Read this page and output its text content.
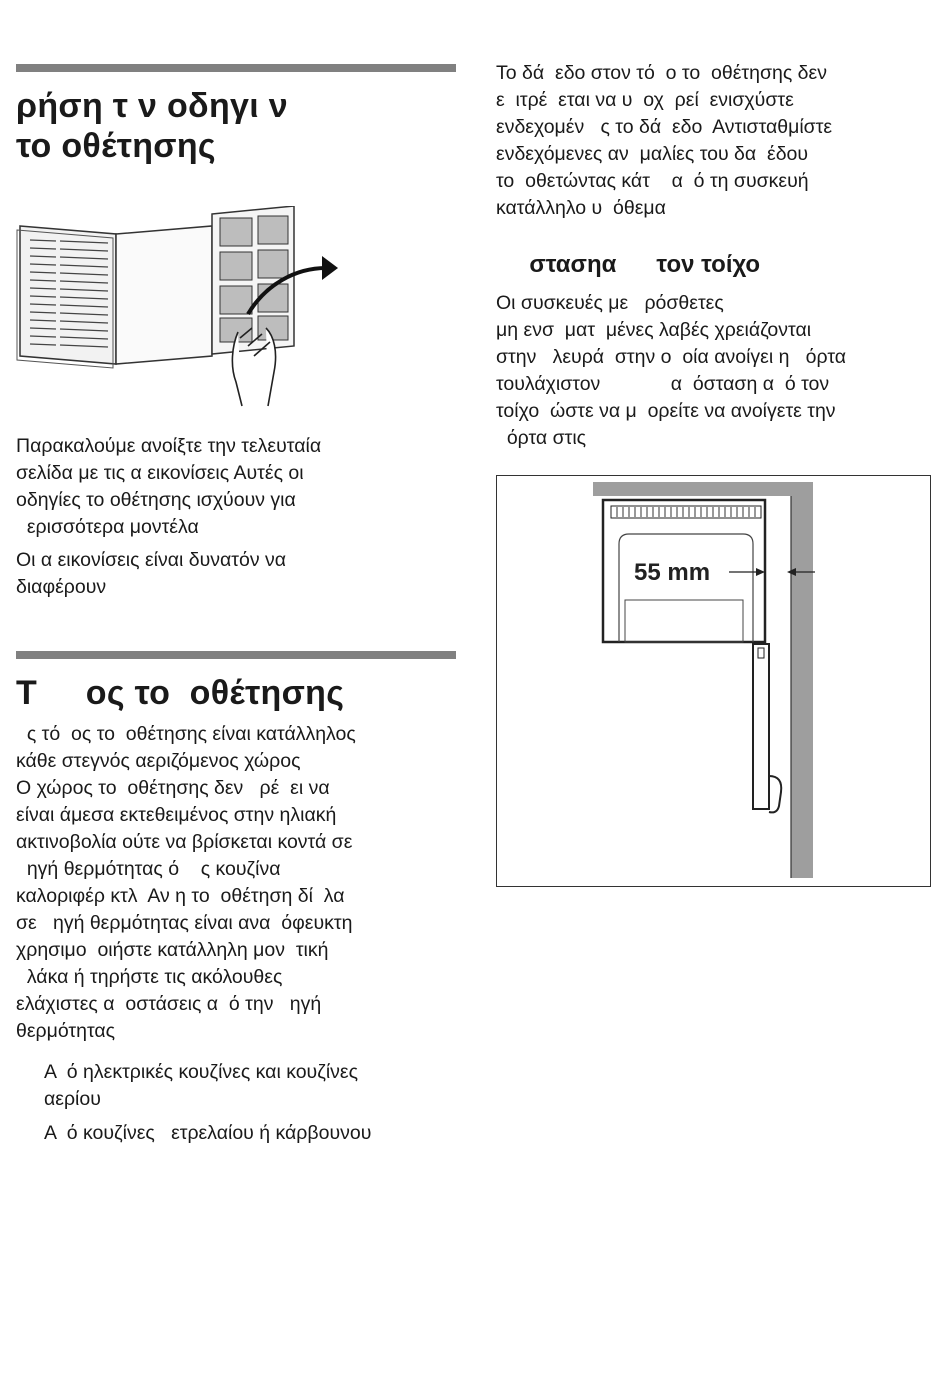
ρήση τ ν οδηγι ν
το οθέτησης

Παρακαλούμε ανοίξτε την τελευταία
σελίδα με τις α εικονίσεις Αυτές οι
οδηγίες το οθέτησης ισχύουν για
ερισσότερα μοντέλα

Οι α εικονίσεις είναι δυνατόν να
διαφέρουν

Τ     ος το  οθέτησης

ς τό  ος το  οθέτησης είναι κατάλληλος
κάθε στεγνός αεριζόμενος χώρος
Ο χώρος το  οθέτησης δεν   ρέ  ει να
είναι άμεσα εκτεθειμένος στην ηλιακή
ακτινοβολία ούτε να βρίσκεται κοντά σε
ηγή θερμότητας ό    ς κουζίνα
καλοριφέρ κτλ  Αν η το  οθέτηση δί  λα
σε   ηγή θερμότητας είναι ανα  όφευκτη
χρησιμο  οιήστε κατάλληλη μον  τική
λάκα ή τηρήστε τις ακόλουθες
ελάχιστες α  οστάσεις α  ό την   ηγή
θερμότητας

Α  ό ηλεκτρικές κουζίνες και κουζίνες
αερίου
Α  ό κουζίνες   ετρελαίου ή κάρβουνου

Το δά  εδο στον τό  ο το  οθέτησης δεν
ε  ιτρέ  εται να υ  οχ  ρεί  ενισχύστε
ενδεχομέν   ς το δά  εδο  Αντισταθμίστε
ενδεχόμενες αν  μαλίες του δα  έδου
το  οθετώντας κάτ    α  ό τη συσκευή
κατάλληλο υ  όθεμα

στασηα      τον τοίχο

Οι συσκευές με   ρόσθετες
μη ενσ  ματ  μένες λαβές χρειάζονται
στην   λευρά  στην ο  οία ανοίγει η   όρτα
τουλάχιστον             α  όσταση α  ό τον
τοίχο  ώστε να μ  ορείτε να ανοίγετε την
όρτα στις

55 mm
